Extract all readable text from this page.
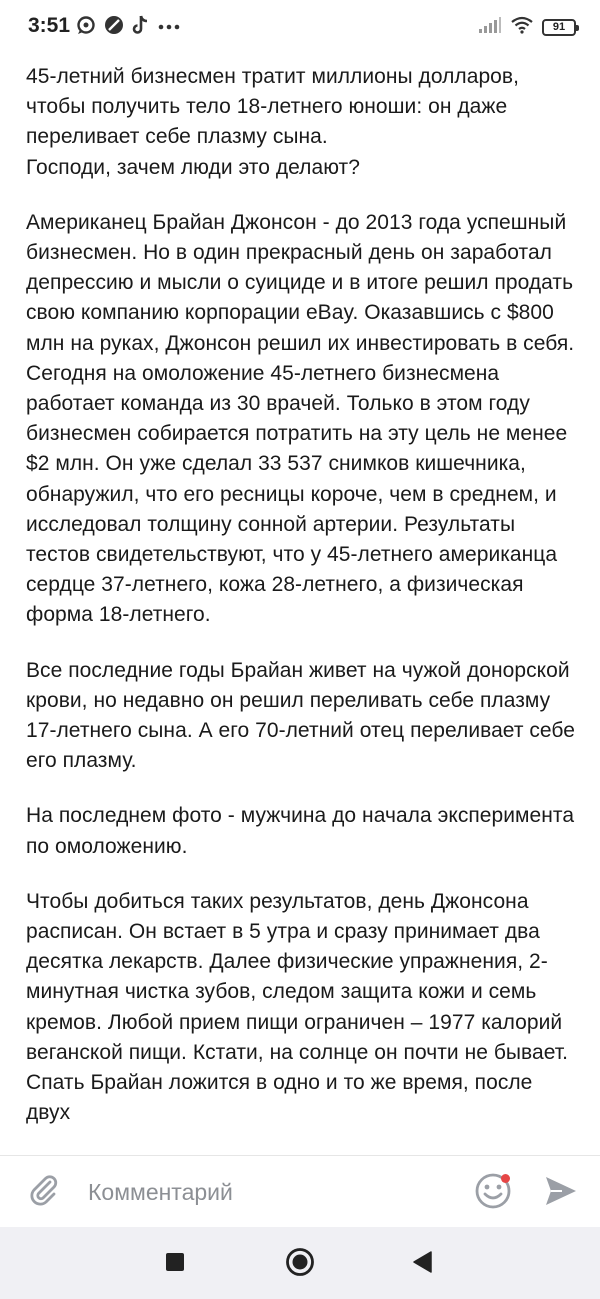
3:51	91

45-летний бизнесмен тратит миллионы долларов, чтобы получить тело 18-летнего юноши: он даже переливает себе плазму сына.
Господи, зачем люди это делают?

Американец Брайан Джонсон - до 2013 года успешный бизнесмен. Но в один прекрасный день он заработал депрессию и мысли о суициде и в итоге решил продать свою компанию корпорации eBay. Оказавшись с $800 млн на руках, Джонсон решил их инвестировать в себя. Сегодня на омоложение 45-летнего бизнесмена работает команда из 30 врачей. Только в этом году бизнесмен собирается потратить на эту цель не менее $2 млн. Он уже сделал 33 537 снимков кишечника, обнаружил, что его ресницы короче, чем в среднем, и исследовал толщину сонной артерии. Результаты тестов свидетельствуют, что у 45-летнего американца сердце 37-летнего, кожа 28-летнего, а физическая форма 18-летнего.

Все последние годы Брайан живет на чужой донорской крови, но недавно он решил переливать себе плазму 17-летнего сына. А его 70-летний отец переливает себе его плазму.

На последнем фото - мужчина до начала эксперимента по омоложению.

Чтобы добиться таких результатов, день Джонсона расписан. Он встает в 5 утра и сразу принимает два десятка лекарств. Далее физические упражнения, 2-минутная чистка зубов, следом защита кожи и семь кремов. Любой прием пищи ограничен – 1977 калорий веганской пищи. Кстати, на солнце он почти не бывает. Спать Брайан ложится в одно и то же время, после двух

Комментарий
